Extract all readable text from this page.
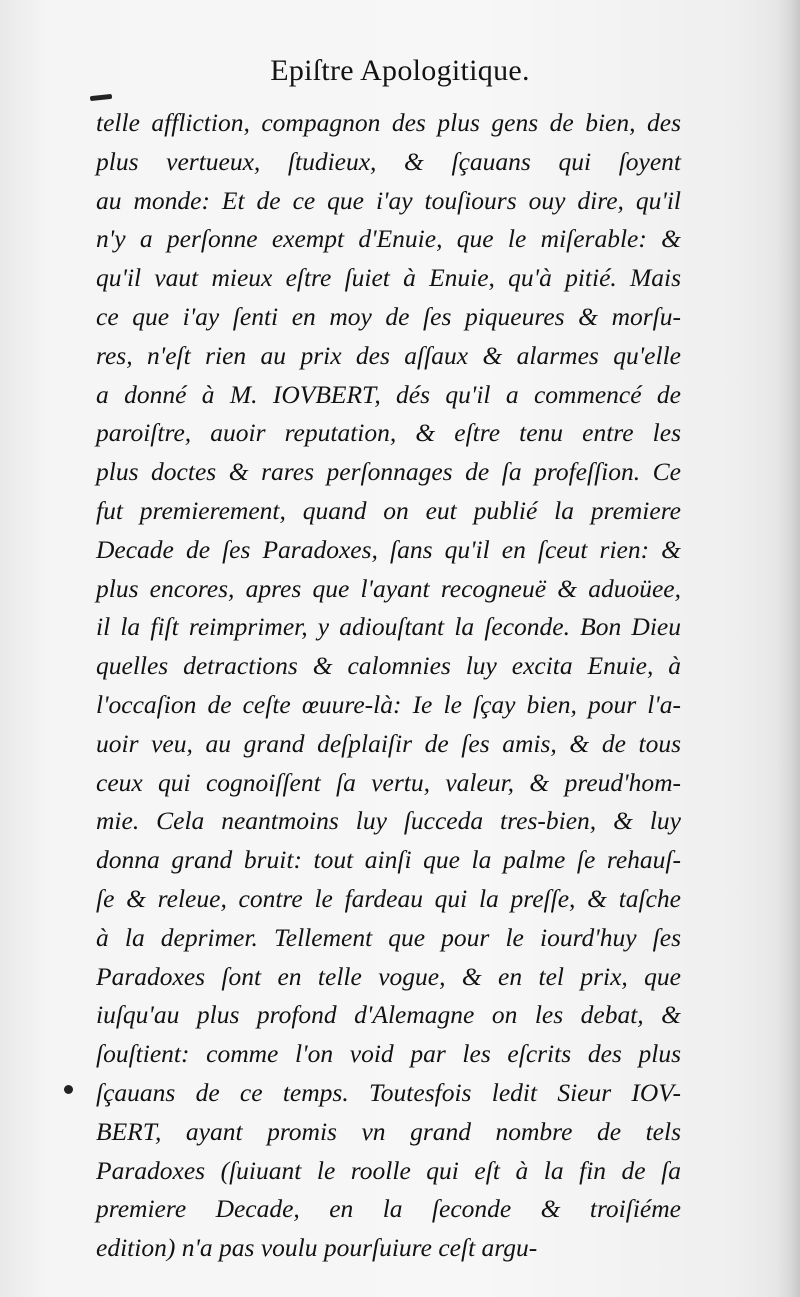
Epiſtre Apologitique.
telle affliction, compagnon des plus gens de bien, des
plus vertueux, ſtudieux, & ſçauans qui ſoyent
au monde: Et de ce que i'ay touſiours ouy dire, qu'il
n'y a perſonne exempt d'Enuie, que le miſerable: &
qu'il vaut mieux eſtre ſuiet à Enuie, qu'à pitié. Mais
ce que i'ay ſenti en moy de ſes piqueures & morſu-
res, n'eſt rien au prix des aſſaux & alarmes qu'elle
a donné à M. IOVBERT, dés qu'il a commencé de
paroiſtre, auoir reputation, & eſtre tenu entre les
plus doctes & rares perſonnages de ſa profeſſion. Ce
fut premierement, quand on eut publié la premiere
Decade de ſes Paradoxes, ſans qu'il en ſceut rien: &
plus encores, apres que l'ayant recogneuë & aduoüee,
il la fiſt reimprimer, y adiouſtant la ſeconde. Bon Dieu
quelles detractions & calomnies luy excita Enuie, à
l'occaſion de ceſte œuure-là: Ie le ſçay bien, pour l'a-
uoir veu, au grand deſplaiſir de ſes amis, & de tous
ceux qui cognoiſſent ſa vertu, valeur, & preud'hom-
mie. Cela neantmoins luy ſucceda tres-bien, & luy
donna grand bruit: tout ainſi que la palme ſe rehauſ-
ſe & releue, contre le fardeau qui la preſſe, & taſche
à la deprimer. Tellement que pour le iourd'huy ſes
Paradoxes ſont en telle vogue, & en tel prix, que
iuſqu'au plus profond d'Alemagne on les debat, &
ſouſtient: comme l'on void par les eſcrits des plus
ſçauans de ce temps. Toutesfois ledit Sieur IOV-
BERT, ayant promis vn grand nombre de tels
Paradoxes (ſuiuant le roolle qui eſt à la fin de ſa
premiere Decade, en la ſeconde & troiſiéme
edition) n'a pas voulu pourſuiure ceſt argu-
